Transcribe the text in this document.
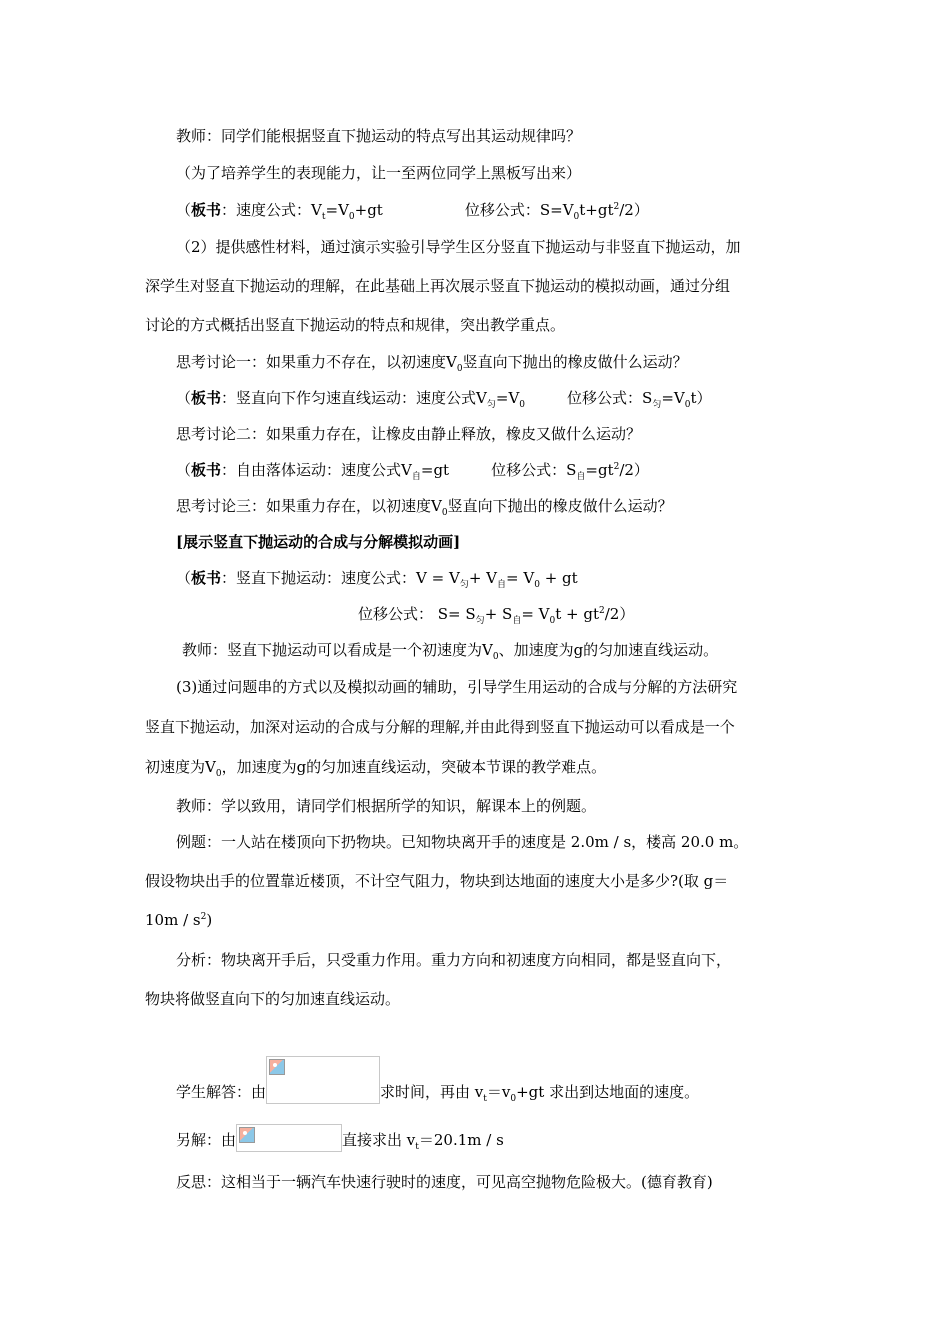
教师：同学们能根据竖直下抛运动的特点写出其运动规律吗？
（为了培养学生的表现能力，让一至两位同学上黑板写出来）
（板书：速度公式：$V_t=V_0+gt$	位移公式：$S=V_0t+gt^2/2$）
（2）提供感性材料，通过演示实验引导学生区分竖直下抛运动与非竖直下抛运动，加
深学生对竖直下抛运动的理解，在此基础上再次展示竖直下抛运动的模拟动画，通过分组
讨论的方式概括出竖直下抛运动的特点和规律，突出教学重点。
思考讨论一：如果重力不存在，以初速度$V_0$竖直向下抛出的橡皮做什么运动？
（板书：竖直向下作匀速直线运动：速度公式$V_匀=V_0$	位移公式：$S_匀=V_0t$）
思考讨论二：如果重力存在，让橡皮由静止释放，橡皮又做什么运动？
（板书：自由落体运动：速度公式$V_自=gt$	位移公式：$S_自=gt^2/2$）
思考讨论三：如果重力存在，以初速度$V_0$竖直向下抛出的橡皮做什么运动？
[展示竖直下抛运动的合成与分解模拟动画]
（板书：竖直下抛运动：速度公式：$V = V_匀+ V_自= V_0$ + gt
位移公式： $S= S_匀+ S_自= V_0t + gt^2/2$）
教师：竖直下抛运动可以看成是一个初速度为$V_0$、加速度为g的匀加速直线运动。
(3)通过问题串的方式以及模拟动画的辅助，引导学生用运动的合成与分解的方法研究
竖直下抛运动，加深对运动的合成与分解的理解,并由此得到竖直下抛运动可以看成是一个
初速度为$V_0$，加速度为g的匀加速直线运动，突破本节课的教学难点。
教师：学以致用，请同学们根据所学的知识，解课本上的例题。
例题：一人站在楼顶向下扔物块。已知物块离开手的速度是 2.0m / s，楼高 20.0 m。
假设物块出手的位置靠近楼顶，不计空气阻力，物块到达地面的速度大小是多少?(取 g＝
$10m / s^2$)
分析：物块离开手后，只受重力作用。重力方向和初速度方向相同，都是竖直向下，
物块将做竖直向下的匀加速直线运动。
学生解答：由	求时间，再由 $v_t=v_0+gt$ 求出到达地面的速度。
另解：由	直接求出 $v_t=20.1m / s$
反思：这相当于一辆汽车快速行驶时的速度，可见高空抛物危险极大。(德育教育)
